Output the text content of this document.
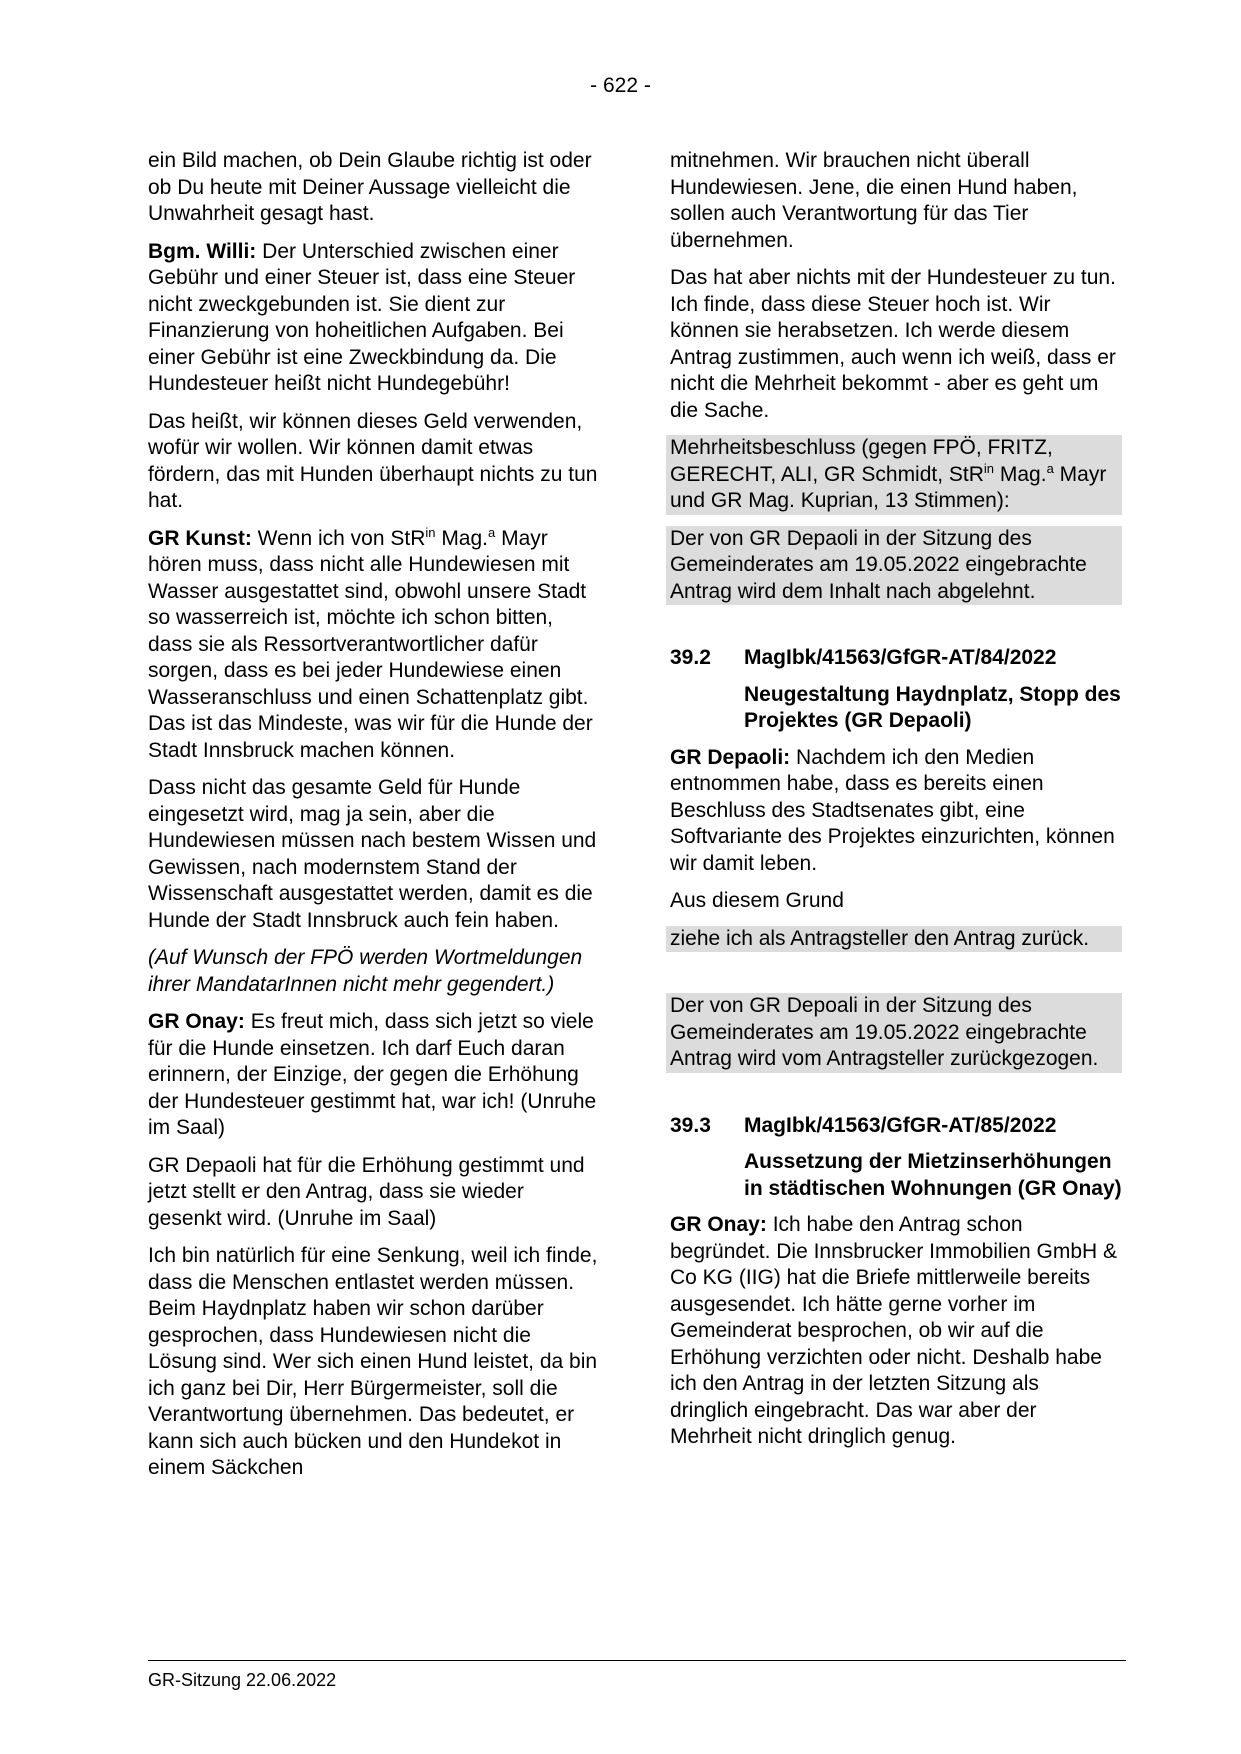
- 622 -

ein Bild machen, ob Dein Glaube richtig ist oder ob Du heute mit Deiner Aussage vielleicht die Unwahrheit gesagt hast.

Bgm. Willi: Der Unterschied zwischen einer Gebühr und einer Steuer ist, dass eine Steuer nicht zweckgebunden ist. Sie dient zur Finanzierung von hoheitlichen Aufgaben. Bei einer Gebühr ist eine Zweckbindung da. Die Hundesteuer heißt nicht Hundegebühr!

Das heißt, wir können dieses Geld verwenden, wofür wir wollen. Wir können damit etwas fördern, das mit Hunden überhaupt nichts zu tun hat.

GR Kunst: Wenn ich von StR$^{in}$ Mag.$^a$ Mayr hören muss, dass nicht alle Hundewiesen mit Wasser ausgestattet sind, obwohl unsere Stadt so wasserreich ist, möchte ich schon bitten, dass sie als Ressortverantwortlicher dafür sorgen, dass es bei jeder Hundewiese einen Wasseranschluss und einen Schattenplatz gibt. Das ist das Mindeste, was wir für die Hunde der Stadt Innsbruck machen können.

Dass nicht das gesamte Geld für Hunde eingesetzt wird, mag ja sein, aber die Hundewiesen müssen nach bestem Wissen und Gewissen, nach modernstem Stand der Wissenschaft ausgestattet werden, damit es die Hunde der Stadt Innsbruck auch fein haben.

(Auf Wunsch der FPÖ werden Wortmeldungen ihrer MandatarInnen nicht mehr gegendert.)

GR Onay: Es freut mich, dass sich jetzt so viele für die Hunde einsetzen. Ich darf Euch daran erinnern, der Einzige, der gegen die Erhöhung der Hundesteuer gestimmt hat, war ich! (Unruhe im Saal)

GR Depaoli hat für die Erhöhung gestimmt und jetzt stellt er den Antrag, dass sie wieder gesenkt wird. (Unruhe im Saal)

Ich bin natürlich für eine Senkung, weil ich finde, dass die Menschen entlastet werden müssen. Beim Haydnplatz haben wir schon darüber gesprochen, dass Hundewiesen nicht die Lösung sind. Wer sich einen Hund leistet, da bin ich ganz bei Dir, Herr Bürgermeister, soll die Verantwortung übernehmen. Das bedeutet, er kann sich auch bücken und den Hundekot in einem Säckchen

mitnehmen. Wir brauchen nicht überall Hundewiesen. Jene, die einen Hund haben, sollen auch Verantwortung für das Tier übernehmen.

Das hat aber nichts mit der Hundesteuer zu tun. Ich finde, dass diese Steuer hoch ist. Wir können sie herabsetzen. Ich werde diesem Antrag zustimmen, auch wenn ich weiß, dass er nicht die Mehrheit bekommt - aber es geht um die Sache.

Mehrheitsbeschluss (gegen FPÖ, FRITZ, GERECHT, ALI, GR Schmidt, StR$^{in}$ Mag.$^a$ Mayr und GR Mag. Kuprian, 13 Stimmen):

Der von GR Depaoli in der Sitzung des Gemeinderates am 19.05.2022 eingebrachte Antrag wird dem Inhalt nach abgelehnt.

39.2 MagIbk/41563/GfGR-AT/84/2022
Neugestaltung Haydnplatz, Stopp des Projektes (GR Depaoli)

GR Depaoli: Nachdem ich den Medien entnommen habe, dass es bereits einen Beschluss des Stadtsenates gibt, eine Softvariante des Projektes einzurichten, können wir damit leben.

Aus diesem Grund

ziehe ich als Antragsteller den Antrag zurück.

Der von GR Depoali in der Sitzung des Gemeinderates am 19.05.2022 eingebrachte Antrag wird vom Antragsteller zurückgezogen.

39.3 MagIbk/41563/GfGR-AT/85/2022
Aussetzung der Mietzinserhöhungen in städtischen Wohnungen (GR Onay)

GR Onay: Ich habe den Antrag schon begründet. Die Innsbrucker Immobilien GmbH & Co KG (IIG) hat die Briefe mittlerweile bereits ausgesendet. Ich hätte gerne vorher im Gemeinderat besprochen, ob wir auf die Erhöhung verzichten oder nicht. Deshalb habe ich den Antrag in der letzten Sitzung als dringlich eingebracht. Das war aber der Mehrheit nicht dringlich genug.

GR-Sitzung 22.06.2022
